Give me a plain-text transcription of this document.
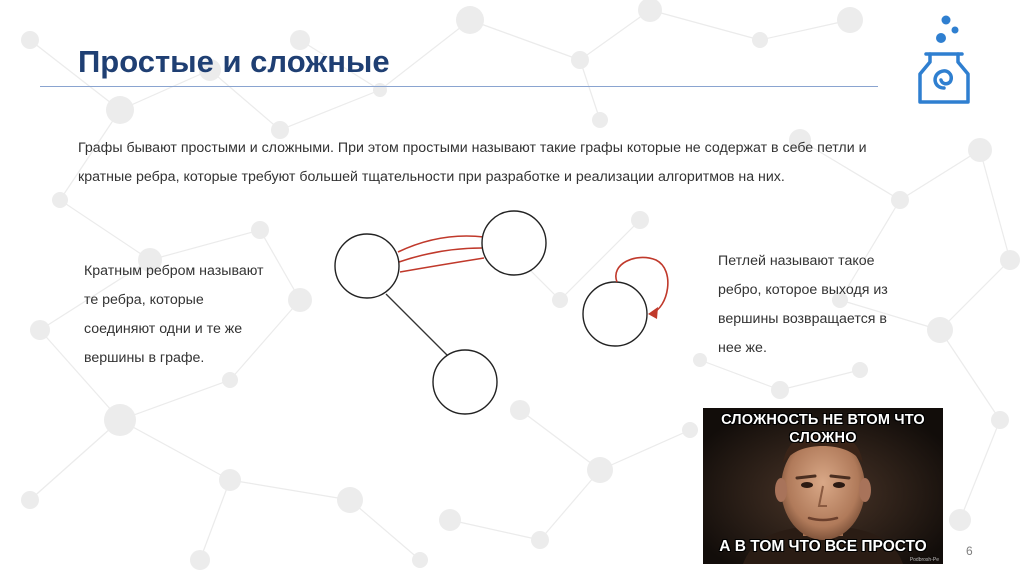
Простые и сложные

Графы бывают простыми и сложными. При этом простыми называют такие графы которые не содержат в себе петли и

кратные ребра, которые требуют большей тщательности при разработке и реализации алгоритмов на них.

Кратным ребром называют

те ребра, которые

соединяют одни и те же

вершины в графе.

Петлей называют такое

ребро, которое выходя из

вершины возвращается в

нее же.

СЛОЖНОСТЬ НЕ ВТОМ ЧТО
СЛОЖНО
А В ТОМ ЧТО ВСЕ ПРОСТО
Podbrosh-Pe
6
